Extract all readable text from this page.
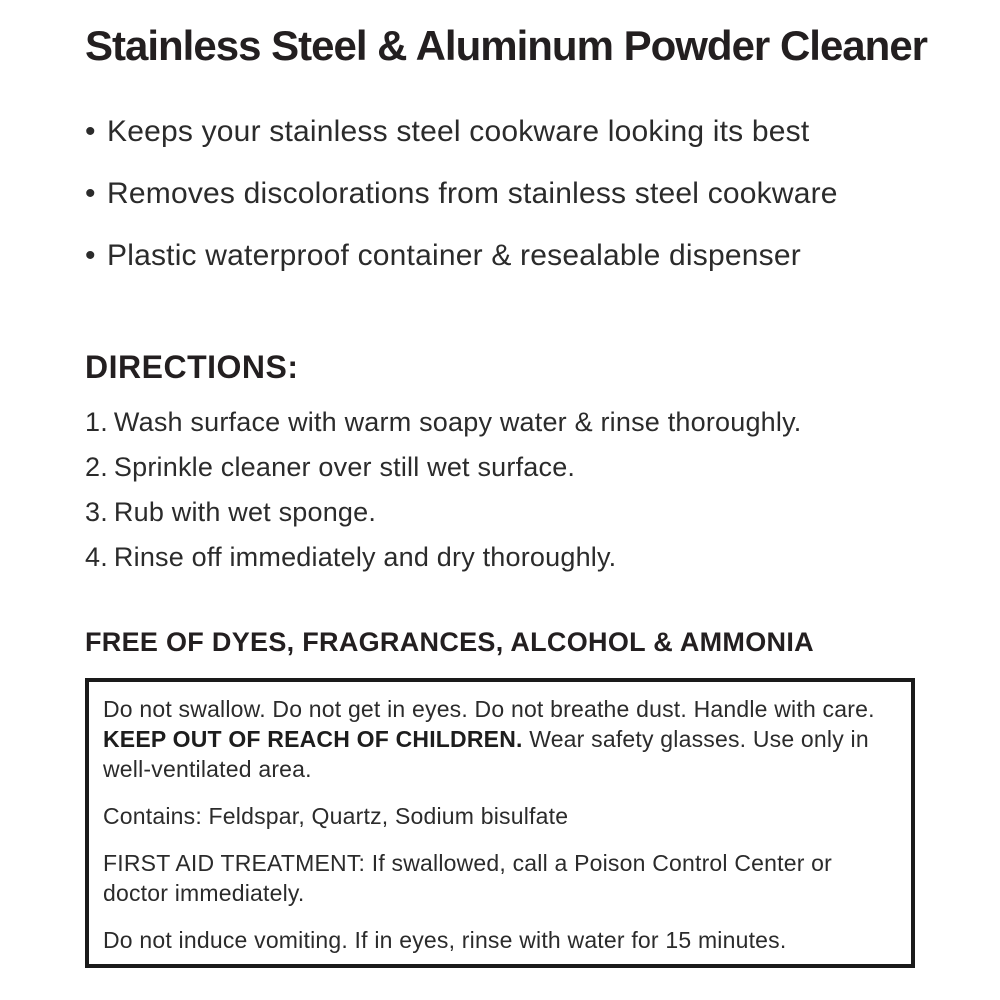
Stainless Steel & Aluminum Powder Cleaner
• Keeps your stainless steel cookware looking its best
• Removes discolorations from stainless steel cookware
• Plastic waterproof container & resealable dispenser
DIRECTIONS:
1. Wash surface with warm soapy water & rinse thoroughly.
2. Sprinkle cleaner over still wet surface.
3. Rub with wet sponge.
4. Rinse off immediately and dry thoroughly.
FREE OF DYES, FRAGRANCES, ALCOHOL & AMMONIA

Do not swallow. Do not get in eyes. Do not breathe dust. Handle with care. KEEP OUT OF REACH OF CHILDREN. Wear safety glasses. Use only in well-ventilated area.

Contains: Feldspar, Quartz, Sodium bisulfate

FIRST AID TREATMENT: If swallowed, call a Poison Control Center or doctor immediately.

Do not induce vomiting. If in eyes, rinse with water for 15 minutes.
